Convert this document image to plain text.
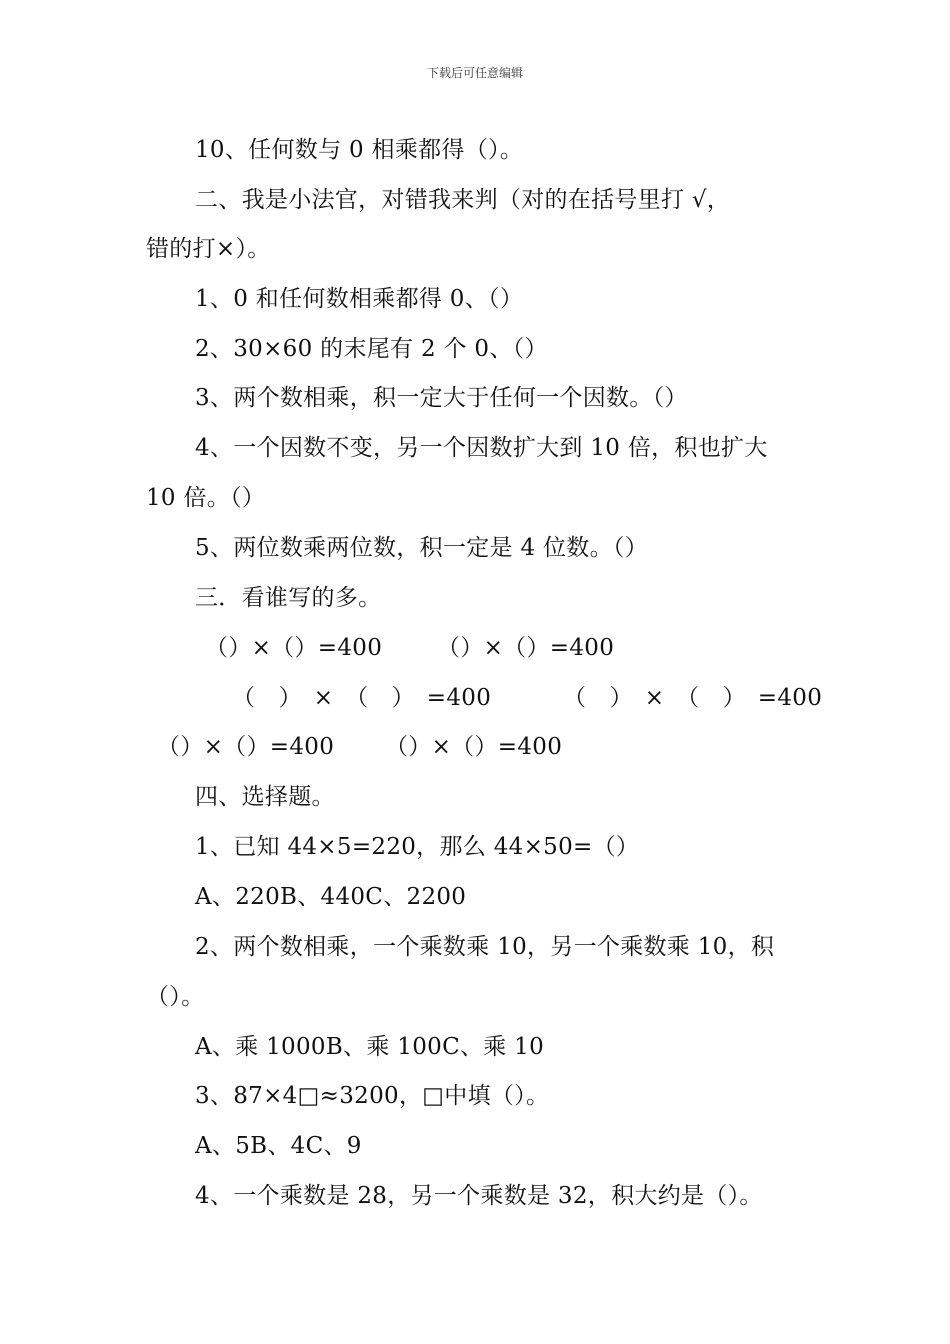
下载后可任意编辑
10、任何数与 0 相乘都得（）。
二、我是小法官，对错我来判（对的在括号里打 √，
错的打×）。
1、0 和任何数相乘都得 0、（）
2、30×60 的末尾有 2 个 0、（）
3、两个数相乘，积一定大于任何一个因数。（）
4、一个因数不变，另一个因数扩大到 10 倍，积也扩大
10 倍。（）
5、两位数乘两位数，积一定是 4 位数。（）
三．看谁写的多。
（）×（）=400 （）×（）=400
（　）　×　（　）　=400	（　）　×　（　）　=400
（）×（）=400 （）×（）=400
四、选择题。
1、已知 44×5=220，那么 44×50=（）
A、220B、440C、2200
2、两个数相乘，一个乘数乘 10，另一个乘数乘 10，积
（）。
A、乘 1000B、乘 100C、乘 10
3、87×4□≈3200，□中填（）。
A、5B、4C、9
4、一个乘数是 28，另一个乘数是 32，积大约是（）。
